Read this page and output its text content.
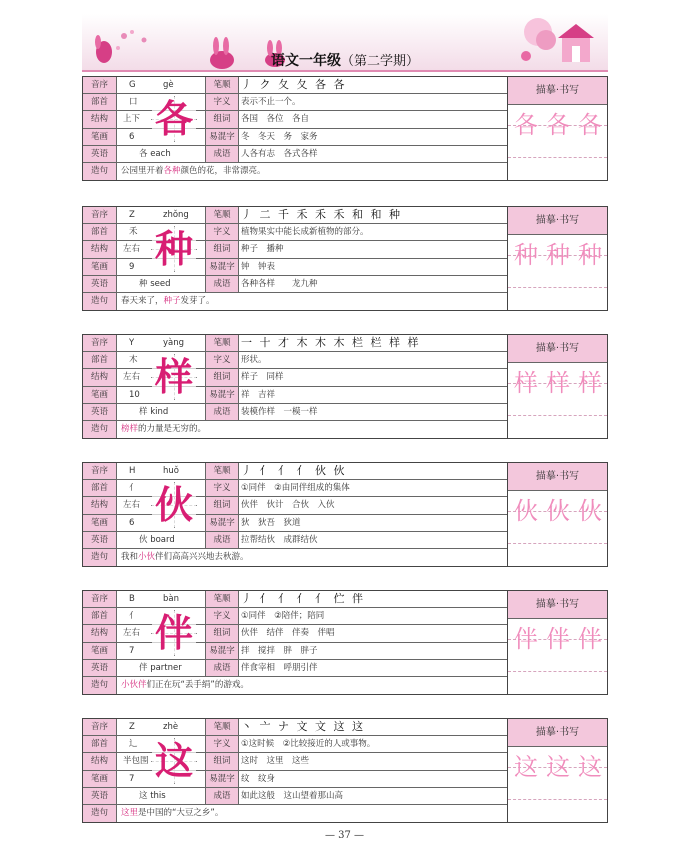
语文一年级（第二学期）
音序	G	gè	笔顺 丿 ク 夂 夂 各 各
部首	口	字义	表示不止一个。
结构	上下	组词	各国　各位　各自
笔画	6	易混字 冬　冬天　务　家务
英语	各 each	成语	人各有志　各式各样
造句	公园里开着各种颜色的花，非常漂亮。
各
描摹·书写
各 各 各
音序	Z	zhǒng	笔顺 丿 二 千 禾 禾 禾 和 和 种
部首	禾	字义	植物果实中能长成新植物的部分。
结构	左右	组词	种子　播种
笔画	9	易混字 钟　钟表
英语	种 seed	成语	各种各样　　龙九种
造句	春天来了，种子发芽了。
种
描摹·书写
种 种 种
音序	Y	yàng	笔顺 一 十 才 木 木 木 栏 栏 样 样
部首	木	字义	形状。
结构	左右	组词	样子　同样
笔画	10	易混字 祥　吉祥
英语	样 kind	成语	装模作样　一模一样
造句	榜样的力量是无穷的。
样
描摹·书写
样 样 样
音序	H	huǒ	笔顺 丿 亻 亻 亻 伙 伙
部首	亻	字义	①同伴　②由同伴组成的集体
结构	左右	组词	伙伴　伙计　合伙　入伙
笔画	6	易混字 狄　狄吾　狄道
英语	伙 board	成语	拉帮结伙　成群结伙
造句	我和小伙伴们高高兴兴地去秋游。
伙
描摹·书写
伙 伙 伙
音序	B	bàn	笔顺 丿 亻 亻 亻 亻 伫 伴
部首	亻	字义	①同伴　②陪伴；陪同
结构	左右	组词	伙伴　结伴　伴奏　伴唱
笔画	7	易混字 拌　搅拌　胖　胖子
英语	伴 partner	成语	伴食宰相　呼朋引伴
造句	小伙伴们正在玩“丢手绢”的游戏。
伴
描摹·书写
伴 伴 伴
音序	Z	zhè	笔顺 丶 亠 ナ 文 文 这 这
部首	辶	字义	①这时候　②比较接近的人或事物。
结构	半包围	组词	这时　这里　这些
笔画	7	易混字 纹　纹身
英语	这 this	成语	如此这般　这山望着那山高
造句	这里是中国的“大豆之乡”。
这
描摹·书写
这 这 这
— 37 —
